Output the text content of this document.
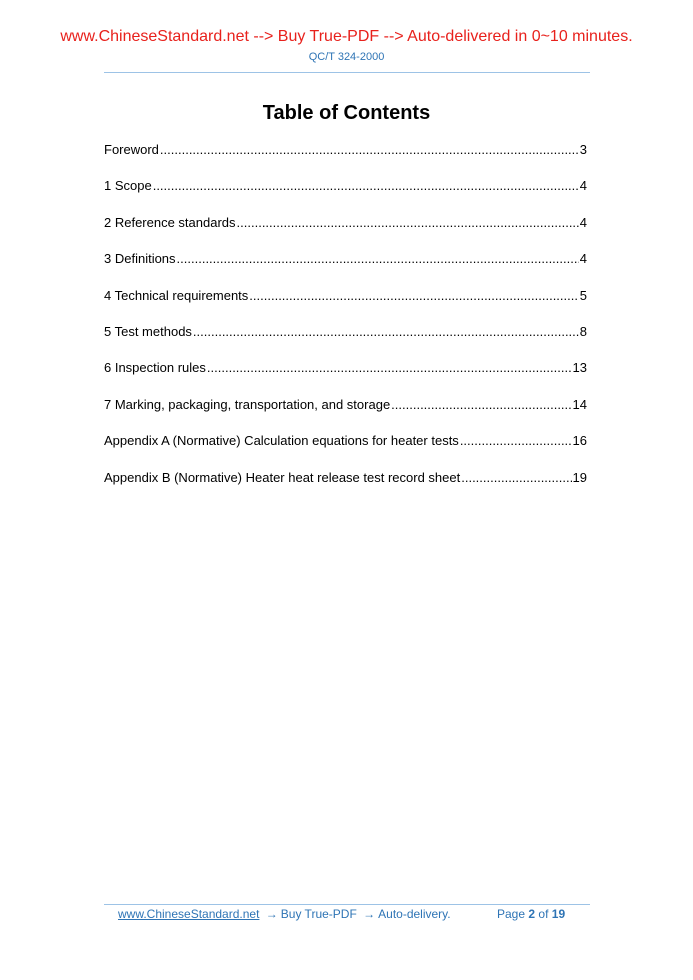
www.ChineseStandard.net --> Buy True-PDF --> Auto-delivered in 0~10 minutes.
QC/T 324-2000
Table of Contents
Foreword .....	3
1 Scope .....	4
2 Reference standards .....	4
3 Definitions .....	4
4 Technical requirements .....	5
5 Test methods .....	8
6 Inspection rules .....	13
7 Marking, packaging, transportation, and storage .....	14
Appendix A (Normative) Calculation equations for heater tests .....	16
Appendix B (Normative) Heater heat release test record sheet .....	19
www.ChineseStandard.net → Buy True-PDF → Auto-delivery.	Page 2 of 19
